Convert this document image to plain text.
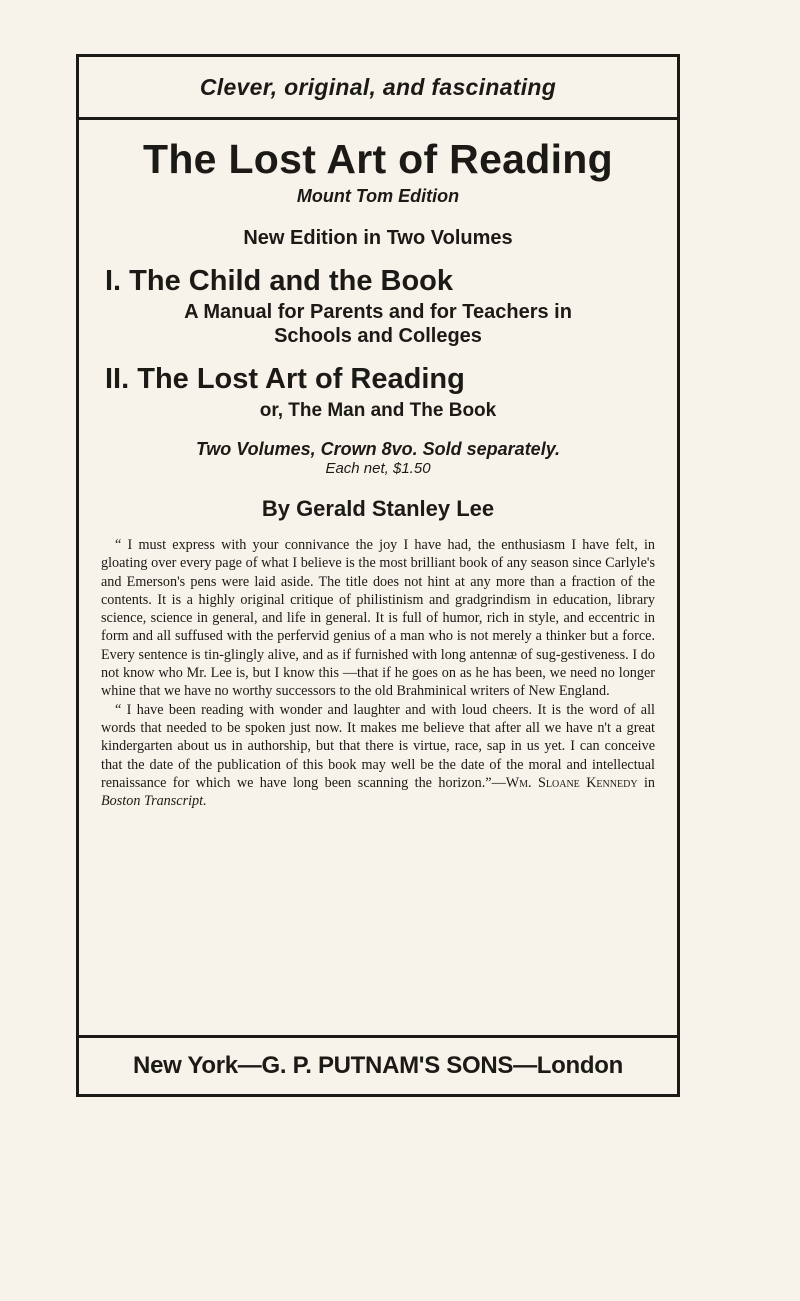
Clever, original, and fascinating
The Lost Art of Reading
Mount Tom Edition
New Edition in Two Volumes
I. The Child and the Book
A Manual for Parents and for Teachers in
Schools and Colleges
II. The Lost Art of Reading
or, The Man and The Book
Two Volumes, Crown 8vo. Sold separately.
Each net, $1.50
By Gerald Stanley Lee

“ I must express with your connivance the joy I have had, the enthusiasm I have felt, in gloating over every page of what I believe is the most brilliant book of any season since Carlyle's and Emerson's pens were laid aside. The title does not hint at any more than a fraction of the contents. It is a highly original critique of philistinism and gradgrindism in education, library science, science in general, and life in general. It is full of humor, rich in style, and eccentric in form and all suffused with the perfervid genius of a man who is not merely a thinker but a force. Every sentence is tin-glingly alive, and as if furnished with long antennæ of sug-gestiveness. I do not know who Mr. Lee is, but I know this —that if he goes on as he has been, we need no longer whine that we have no worthy successors to the old Brahminical writers of New England.

“ I have been reading with wonder and laughter and with loud cheers. It is the word of all words that needed to be spoken just now. It makes me believe that after all we have n't a great kindergarten about us in authorship, but that there is virtue, race, sap in us yet. I can conceive that the date of the publication of this book may well be the date of the moral and intellectual renaissance for which we have long been scanning the horizon.”—Wm. Sloane Kennedy in Boston Transcript.

New York—G. P. PUTNAM'S SONS—London
